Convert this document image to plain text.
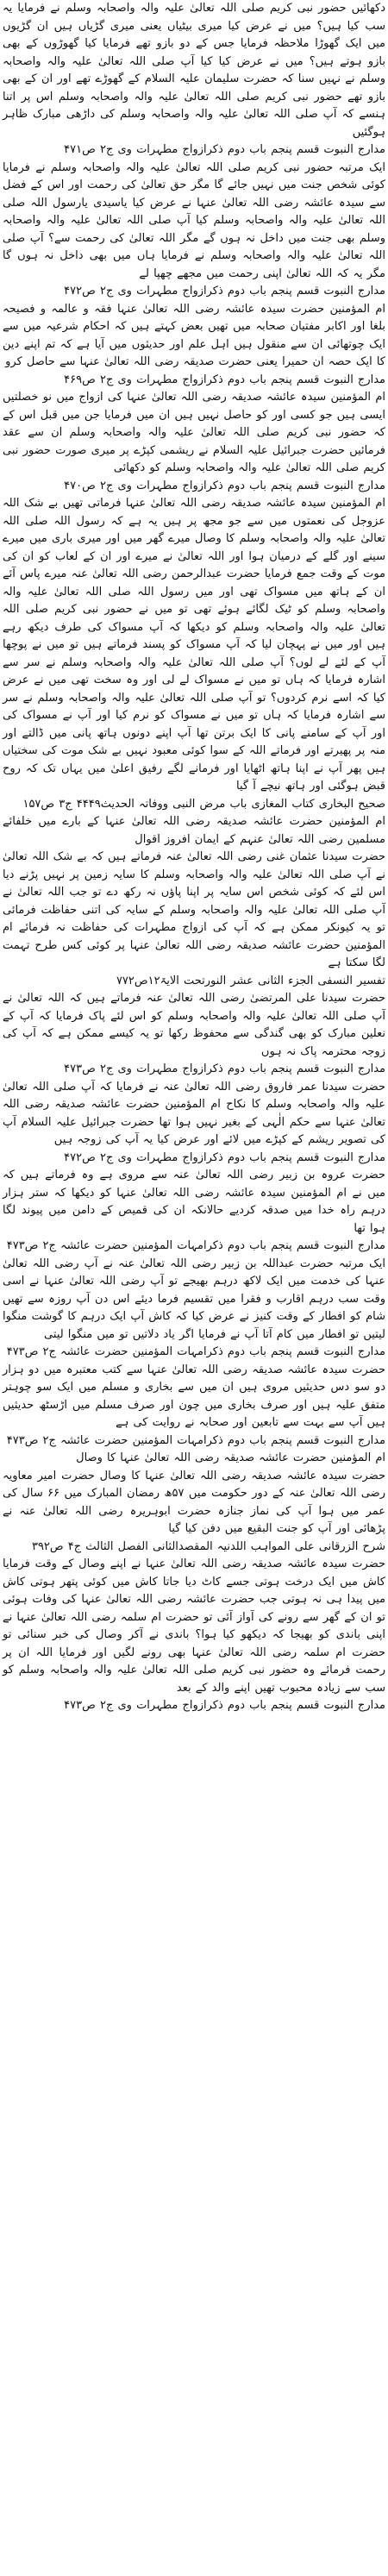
دکھائیں حضور نبی کریم صلی اللہ تعالیٰ علیہ والہ واصحابہ وسلم نے فرمایا یہ سب کیا ہیں؟ میں نے عرض کیا میری بیٹیاں یعنی میری گڑیاں ہیں ان گڑیوں میں ایک گھوڑا ملاحظہ فرمایا جس کے دو بازو تھے فرمایا کیا گھوڑوں کے بھی بازو ہوتے ہیں؟ میں نے عرض کیا کیا آپ صلی اللہ تعالیٰ علیہ والہ واصحابہ وسلم نے نہیں سنا کہ حضرت سلیمان علیہ السلام کے گھوڑے تھے اور ان کے بھی بازو تھے حضور نبی کریم صلی اللہ تعالیٰ علیہ والہ واصحابہ وسلم اس پر اتنا ہنسے کہ آپ صلی اللہ تعالیٰ علیہ والہ واصحابہ وسلم کی داڑھی مبارک ظاہر ہوگئیں

مدارج النبوت قسم پنجم باب دوم ذکرازواج مطہرات وی ج۲ ص۴۷۱

ایک مرتبہ حضور نبی کریم صلی اللہ تعالیٰ علیہ والہ واصحابہ وسلم نے فرمایا کوئی شخص جنت میں نہیں جائے گا مگر حق تعالیٰ کی رحمت اور اس کے فضل سے سیدہ عائشہ رضی اللہ تعالیٰ عنہا نے عرض کیا یاسیدی یارسول اللہ صلی اللہ تعالیٰ علیہ والہ واصحابہ وسلم کیا آپ صلی اللہ تعالیٰ علیہ والہ واصحابہ وسلم بھی جنت میں داخل نہ ہوں گے مگر اللہ تعالیٰ کی رحمت سے؟ آپ صلی اللہ تعالیٰ علیہ والہ واصحابہ وسلم نے فرمایا ہاں میں بھی داخل نہ ہوں گا مگر یہ کہ اللہ تعالیٰ اپنی رحمت میں مجھے چھپا لے

مدارج النبوت قسم پنجم باب دوم ذکرازواج مطہرات وی ج۲ ص۴۷۲

ام المؤمنین حضرت سیدہ عائشہ رضی اللہ تعالیٰ عنہا فقہ و عالمہ و فصیحہ بلغا اور اکابر مفتیان صحابہ میں تھیں بعض کہتے ہیں کہ احکام شرعیہ میں سے ایک چوتھائی ان سے منقول ہیں اہل علم اور حدیثوں میں آیا ہے کہ تم اپنے دین کا ایک حصہ ان حمیرا یعنی حضرت صدیقہ رضی اللہ تعالیٰ عنہا سے حاصل کرو

مدارج النبوت قسم پنجم باب دوم ذکرازواج مطہرات وی ج۲ ص۴۶۹

ام المؤمنین سیدہ عائشہ صدیقہ رضی اللہ تعالیٰ عنہا کی ازواج میں نو خصلتیں ایسی ہیں جو کسی اور کو حاصل نہیں ہیں ان میں فرمایا جن میں قبل اس کے کہ حضور نبی کریم صلی اللہ تعالیٰ علیہ والہ واصحابہ وسلم ان سے عقد فرمائیں حضرت جبرائیل علیہ السلام نے ریشمی کپڑے پر میری صورت حضور نبی کریم صلی اللہ تعالیٰ علیہ والہ واصحابہ وسلم کو دکھائی

مدارج النبوت قسم پنجم باب دوم ذکرازواج مطہرات وی ج۲ ص۴۷۰

ام المؤمنین سیدہ عائشہ صدیقہ رضی اللہ تعالیٰ عنہا فرماتی تھیں بے شک اللہ عزوجل کی نعمتوں میں سے جو مجھ پر ہیں یہ ہے کہ رسول اللہ صلی اللہ تعالیٰ علیہ والہ واصحابہ وسلم کا وصال میرے گھر میں اور میری باری میں میرے سینے اور گلے کے درمیان ہوا اور اللہ تعالیٰ نے میرے اور ان کے لعاب کو ان کی موت کے وقت جمع فرمایا حضرت عبدالرحمن رضی اللہ تعالیٰ عنہ میرے پاس آئے ان کے ہاتھ میں مسواک تھی اور میں رسول اللہ صلی اللہ تعالیٰ علیہ والہ واصحابہ وسلم کو ٹیک لگائے ہوئے تھی تو میں نے حضور نبی کریم صلی اللہ تعالیٰ علیہ والہ واصحابہ وسلم کو دیکھا کہ آپ مسواک کی طرف دیکھ رہے ہیں اور میں نے پہچان لیا کہ آپ مسواک کو پسند فرماتے ہیں تو میں نے پوچھا آپ کے لئے لے لوں؟ آپ صلی اللہ تعالیٰ علیہ والہ واصحابہ وسلم نے سر سے اشارہ فرمایا کہ ہاں تو میں نے مسواک لے لی اور وہ سخت تھی میں نے عرض کیا کہ اسے نرم کردوں؟ تو آپ صلی اللہ تعالیٰ علیہ والہ واصحابہ وسلم نے سر سے اشارہ فرمایا کہ ہاں تو میں نے مسواک کو نرم کیا اور آپ نے مسواک کی اور آپ کے سامنے پانی کا ایک برتن تھا آپ اپنے دونوں ہاتھ پانی میں ڈالتے اور منہ پر پھیرتے اور فرماتے اللہ کے سوا کوئی معبود نہیں بے شک موت کی سختیاں ہیں پھر آپ نے اپنا ہاتھ اٹھایا اور فرمانے لگے رفیق اعلیٰ میں یہاں تک کہ روح قبض ہوگئی اور ہاتھ نیچے آ گیا

صحیح البخاری کتاب المغازی باب مرض النبی ووفاتہ الحدیث۴۴۴۹ ج۳ ص۱۵۷

ام المؤمنین حضرت عائشہ صدیقہ رضی اللہ تعالیٰ عنہا کے بارے میں خلفائے مسلمین رضی اللہ تعالیٰ عنہم کے ایمان افروز اقوال

حضرت سیدنا عثمان غنی رضی اللہ تعالیٰ عنہ فرماتے ہیں کہ بے شک اللہ تعالیٰ نے آپ صلی اللہ تعالیٰ علیہ والہ واصحابہ وسلم کا سایہ زمین پر نہیں پڑنے دیا اس لئے کہ کوئی شخص اس سایہ پر اپنا پاؤں نہ رکھ دے تو جب اللہ تعالیٰ نے آپ صلی اللہ تعالیٰ علیہ والہ واصحابہ وسلم کے سایہ کی اتنی حفاظت فرمائی تو یہ کیونکر ممکن ہے کہ آپ کی ازواج مطہرات کی حفاظت نہ فرمائے ام المؤمنین حضرت عائشہ صدیقہ رضی اللہ تعالیٰ عنہا پر کوئی کس طرح تہمت لگا سکتا ہے

تفسیر النسفی الجزء الثانی عشر النورتحت الایۃ۱۲ص۷۷۲

حضرت سیدنا علی المرتضیٰ رضی اللہ تعالیٰ عنہ فرماتے ہیں کہ اللہ تعالیٰ نے آپ صلی اللہ تعالیٰ علیہ والہ واصحابہ وسلم کو اس لئے پاک فرمایا کہ آپ کے نعلین مبارک کو بھی گندگی سے محفوظ رکھا تو یہ کیسے ممکن ہے کہ آپ کی زوجہ محترمہ پاک نہ ہوں

مدارج النبوت قسم پنجم باب دوم ذکرازواج مطہرات وی ج۲ ص۴۷۳

حضرت سیدنا عمر فاروق رضی اللہ تعالیٰ عنہ نے فرمایا کہ آپ صلی اللہ تعالیٰ علیہ والہ واصحابہ وسلم کا نکاح ام المؤمنین حضرت عائشہ صدیقہ رضی اللہ تعالیٰ عنہا سے حکم الٰہی کے بغیر نہیں ہوا تھا حضرت جبرائیل علیہ السلام آپ کی تصویر ریشم کے کپڑے میں لائے اور عرض کیا یہ آپ کی زوجہ ہیں

مدارج النبوت قسم پنجم باب دوم ذکرازواج مطہرات وی ج۲ ص۴۷۲

حضرت عروہ بن زبیر رضی اللہ تعالیٰ عنہ سے مروی ہے وہ فرماتے ہیں کہ میں نے ام المؤمنین سیدہ عائشہ رضی اللہ تعالیٰ عنہا کو دیکھا کہ ستر ہزار درہم راہ خدا میں صدقہ کردیے حالانکہ ان کی قمیص کے دامن میں پیوند لگا ہوا تھا

مدارج النبوت قسم پنجم باب دوم ذکرامہات المؤمنین حضرت عائشہ ج۲ ص۴۷۳

ایک مرتبہ حضرت عبداللہ بن زبیر رضی اللہ تعالیٰ عنہ نے آپ رضی اللہ تعالیٰ عنہا کی خدمت میں ایک لاکھ درہم بھیجے تو آپ رضی اللہ تعالیٰ عنہا نے اسی وقت سب درہم اقارب و فقرا میں تقسیم فرما دیئے اس دن آپ روزہ سے تھیں شام کو افطار کے وقت کنیز نے عرض کیا کہ کاش آپ ایک درہم کا گوشت منگوا لیتیں تو افطار میں کام آتا آپ نے فرمایا اگر یاد دلاتیں تو میں منگوا لیتی

مدارج النبوت قسم پنجم باب دوم ذکرامہات المؤمنین حضرت عائشہ ج۲ ص۴۷۳

حضرت سیدہ عائشہ صدیقہ رضی اللہ تعالیٰ عنہا سے کتب معتبرہ میں دو ہزار دو سو دس حدیثیں مروی ہیں ان میں سے بخاری و مسلم میں ایک سو چوہتر متفق علیہ ہیں اور صرف بخاری میں چون اور صرف مسلم میں اڑسٹھ حدیثیں ہیں آپ سے بہت سے تابعین اور صحابہ نے روایت کی ہے

مدارج النبوت قسم پنجم باب دوم ذکرامہات المؤمنین حضرت عائشہ ج۲ ص۴۷۳

ام المؤمنین حضرت عائشہ صدیقہ رضی اللہ تعالیٰ عنہا کا وصال

حضرت سیدہ عائشہ صدیقہ رضی اللہ تعالیٰ عنہا کا وصال حضرت امیر معاویہ رضی اللہ تعالیٰ عنہ کے دور حکومت میں ۵۷ھ رمضان المبارک میں ۶۶ سال کی عمر میں ہوا آپ کی نماز جنازہ حضرت ابوہریرہ رضی اللہ تعالیٰ عنہ نے پڑھائی اور آپ کو جنت البقیع میں دفن کیا گیا

شرح الزرقانی علی المواہب اللدنیہ المقصدالثانی الفصل الثالث ج۴ ص۳۹۲

حضرت سیدہ عائشہ صدیقہ رضی اللہ تعالیٰ عنہا نے اپنے وصال کے وقت فرمایا کاش میں ایک درخت ہوتی جسے کاٹ دیا جاتا کاش میں کوئی پتھر ہوتی کاش میں پیدا ہی نہ ہوتی جب حضرت عائشہ رضی اللہ تعالیٰ عنہا کی وفات ہوئی تو ان کے گھر سے رونے کی آواز آئی تو حضرت ام سلمہ رضی اللہ تعالیٰ عنہا نے اپنی باندی کو بھیجا کہ دیکھو کیا ہوا؟ باندی نے آکر وصال کی خبر سنائی تو حضرت ام سلمہ رضی اللہ تعالیٰ عنہا بھی رونے لگیں اور فرمایا اللہ ان پر رحمت فرمائے وہ حضور نبی کریم صلی اللہ تعالیٰ علیہ والہ واصحابہ وسلم کو سب سے زیادہ محبوب تھیں اپنے والد کے بعد

مدارج النبوت قسم پنجم باب دوم ذکرازواج مطہرات وی ج۲ ص۴۷۳
